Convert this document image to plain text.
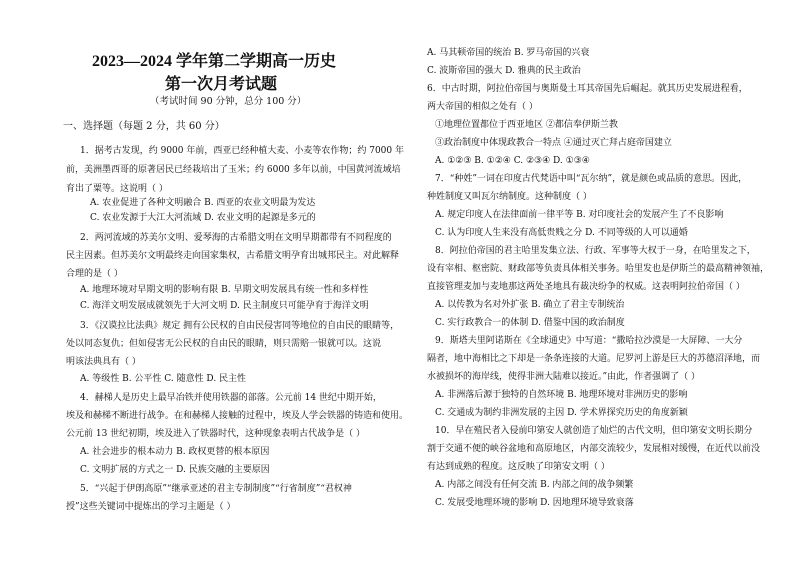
2023—2024 学年第二学期高一历史
第一次月考试题
（考试时间 90 分钟，总分 100 分）
一、选择题（每题 2 分，共 60 分）
1．据考古发现，约 9000 年前，西亚已经种植大麦、小麦等农作物；约 7000 年
前，美洲墨西哥的原著居民已经栽培出了玉米；约 6000 多年以前，中国黄河流域培
育出了粟等。这说明（ ）
A. 农业促进了各种文明融合 B. 西亚的农业文明最为发达
C. 农业发源于大江大河流域 D. 农业文明的起源是多元的
2．两河流域的苏美尔文明、爱琴海的古希腊文明在文明早期都带有不同程度的
民主因素。但苏美尔文明最终走向国家集权，古希腊文明孕育出城邦民主。对此解释
合理的是（ ）
A. 地理环境对早期文明的影响有限 B. 早期文明发展具有统一性和多样性
C. 海洋文明发展成就领先于大河文明 D. 民主制度只可能孕育于海洋文明
3．《汉谟拉比法典》规定 拥有公民权的自由民侵害同等地位的自由民的眼睛等，
处以同态复仇；但如侵害无公民权的自由民的眼睛，则只需赔一银就可以。这说
明该法典具有（ ）
A. 等级性 B. 公平性 C. 随意性 D. 民主性
4．赫梯人是历史上最早冶铁并使用铁器的部落。公元前 14 世纪中期开始，
埃及和赫梯不断进行战争。在和赫梯人接触的过程中，埃及人学会铁器的铸造和使用。
公元前 13 世纪初期，埃及进入了铁器时代，这种现象表明古代战争是（ ）
A. 社会进步的根本动力 B. 政权更替的根本原因
C. 文明扩展的方式之一 D. 民族交融的主要原因
5．“兴起于伊朗高原”“继承亚述的君主专制制度”“行省制度”“君权神
授”这些关键词中提炼出的学习主题是（ ）
A. 马其顿帝国的统治 B. 罗马帝国的兴衰
C. 波斯帝国的强大 D. 雅典的民主政治
6．中古时期，阿拉伯帝国与奥斯曼土耳其帝国先后崛起。就其历史发展进程看，
两大帝国的相似之处有（ ）
①地理位置都位于西亚地区 ②都信奉伊斯兰教
③政治制度中体现政教合一特点 ④通过灭亡拜占庭帝国建立
A. ①②③ B. ①②④ C. ②③④ D. ①③④
7．“种姓”一词在印度古代梵语中叫“瓦尔纳”，就是颜色或品质的意思。因此，
种姓制度又叫瓦尔纳制度。这种制度（ ）
A. 规定印度人在法律面前一律平等 B. 对印度社会的发展产生了不良影响
C. 认为印度人生来没有高低贵贱之分 D. 不同等级的人可以通婚
8．阿拉伯帝国的君主哈里发集立法、行政、军事等大权于一身，在哈里发之下，
设有宰相、枢密院、财政部等负责具体相关事务。哈里发也是伊斯兰的最高精神领袖，
直接管理麦加与麦地那这两处圣地具有裁决纷争的权威。这表明阿拉伯帝国（ ）
A. 以传教为名对外扩张 B. 确立了君主专制统治
C. 实行政教合一的体制 D. 借鉴中国的政治制度
9．斯塔夫里阿诺斯在《全球通史》中写道：“撒哈拉沙漠是一大屏障、一大分
隔者，地中海相比之下却是一条条连接的大道。尼罗河上游是巨大的苏德沼泽地，而
水被损坏的海岸线，使得非洲大陆难以接近。”由此，作者强调了（ ）
A. 非洲落后源于独特的自然环境 B. 地理环境对非洲历史的影响
C. 交通成为制约非洲发展的主因 D. 学术界探究历史的角度新颖
10．早在殖民者入侵前印第安人就创造了灿烂的古代文明，但印第安文明长期分
割于交通不便的峡谷盆地和高原地区，内部交流较少，发展相对缓慢，在近代以前没
有达到成熟的程度。这反映了印第安文明（ ）
A. 内部之间没有任何交流 B. 内部之间的战争频繁
C. 发展受地理环境的影响 D. 因地理环境导致衰落
